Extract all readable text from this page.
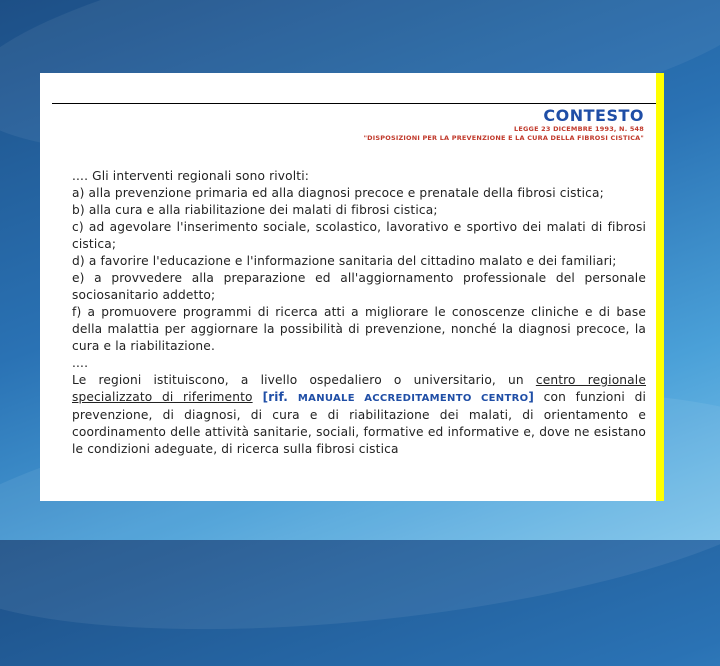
CONTESTO
LEGGE 23 DICEMBRE 1993, N. 548
"DISPOSIZIONI PER LA PREVENZIONE E LA CURA DELLA FIBROSI CISTICA"

.... Gli interventi regionali sono rivolti:

a) alla prevenzione primaria ed alla diagnosi precoce e prenatale della fibrosi cistica;

b) alla cura e alla riabilitazione dei malati di fibrosi cistica;

c) ad agevolare l'inserimento sociale, scolastico, lavorativo e sportivo dei malati di fibrosi cistica;

d) a favorire l'educazione e l'informazione sanitaria del cittadino malato e dei familiari;

e) a provvedere alla preparazione ed all'aggiornamento professionale del personale sociosanitario addetto;

f) a promuovere programmi di ricerca atti a migliorare le conoscenze cliniche e di base della malattia per aggiornare la possibilità di prevenzione, nonché la diagnosi precoce, la cura e la riabilitazione.

....

Le regioni istituiscono, a livello ospedaliero o universitario, un centro regionale specializzato di riferimento [rif. MANUALE ACCREDITAMENTO CENTRO] con funzioni di prevenzione, di diagnosi, di cura e di riabilitazione dei malati, di orientamento e coordinamento delle attività sanitarie, sociali, formative ed informative e, dove ne esistano le condizioni adeguate, di ricerca sulla fibrosi cistica
